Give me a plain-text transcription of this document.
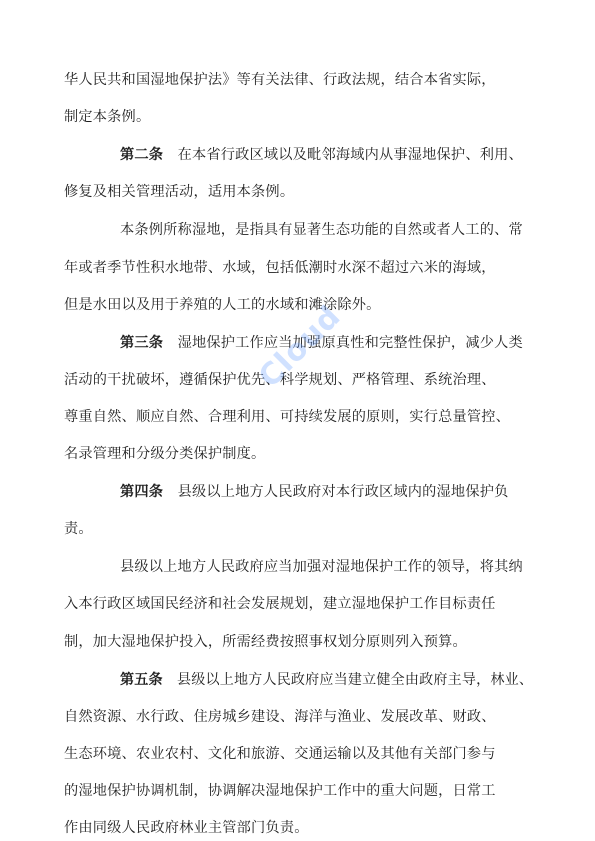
华人民共和国湿地保护法》等有关法律、行政法规，结合本省实际，
制定本条例。
第二条  在本省行政区域以及毗邻海域内从事湿地保护、利用、
修复及相关管理活动，适用本条例。
本条例所称湿地，是指具有显著生态功能的自然或者人工的、常
年或者季节性积水地带、水域，包括低潮时水深不超过六米的海域，
但是水田以及用于养殖的人工的水域和滩涂除外。
第三条  湿地保护工作应当加强原真性和完整性保护，减少人类
活动的干扰破坏，遵循保护优先、科学规划、严格管理、系统治理、
尊重自然、顺应自然、合理利用、可持续发展的原则，实行总量管控、
名录管理和分级分类保护制度。
第四条  县级以上地方人民政府对本行政区域内的湿地保护负
责。
县级以上地方人民政府应当加强对湿地保护工作的领导，将其纳
入本行政区域国民经济和社会发展规划，建立湿地保护工作目标责任
制，加大湿地保护投入，所需经费按照事权划分原则列入预算。
第五条  县级以上地方人民政府应当建立健全由政府主导，林业、
自然资源、水行政、住房城乡建设、海洋与渔业、发展改革、财政、
生态环境、农业农村、文化和旅游、交通运输以及其他有关部门参与
的湿地保护协调机制，协调解决湿地保护工作中的重大问题，日常工
作由同级人民政府林业主管部门负责。
Cloud
